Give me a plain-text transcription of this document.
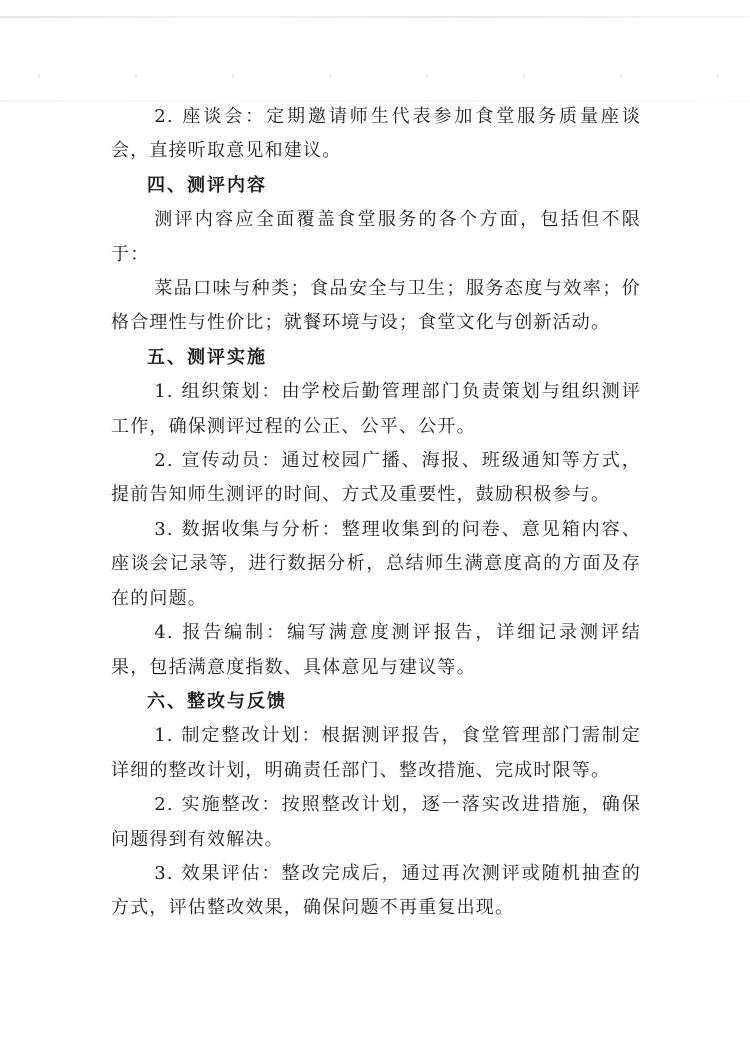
2. 座谈会：定期邀请师生代表参加食堂服务质量座谈会，直接听取意见和建议。

四、测评内容

测评内容应全面覆盖食堂服务的各个方面，包括但不限于：

菜品口味与种类；食品安全与卫生；服务态度与效率；价格合理性与性价比；就餐环境与设；食堂文化与创新活动。

五、测评实施

1. 组织策划：由学校后勤管理部门负责策划与组织测评工作，确保测评过程的公正、公平、公开。

2. 宣传动员：通过校园广播、海报、班级通知等方式，提前告知师生测评的时间、方式及重要性，鼓励积极参与。

3. 数据收集与分析：整理收集到的问卷、意见箱内容、座谈会记录等，进行数据分析，总结师生满意度高的方面及存在的问题。

4. 报告编制：编写满意度测评报告，详细记录测评结果，包括满意度指数、具体意见与建议等。

六、整改与反馈

1. 制定整改计划：根据测评报告，食堂管理部门需制定详细的整改计划，明确责任部门、整改措施、完成时限等。

2. 实施整改：按照整改计划，逐一落实改进措施，确保问题得到有效解决。

3. 效果评估：整改完成后，通过再次测评或随机抽查的方式，评估整改效果，确保问题不再重复出现。
